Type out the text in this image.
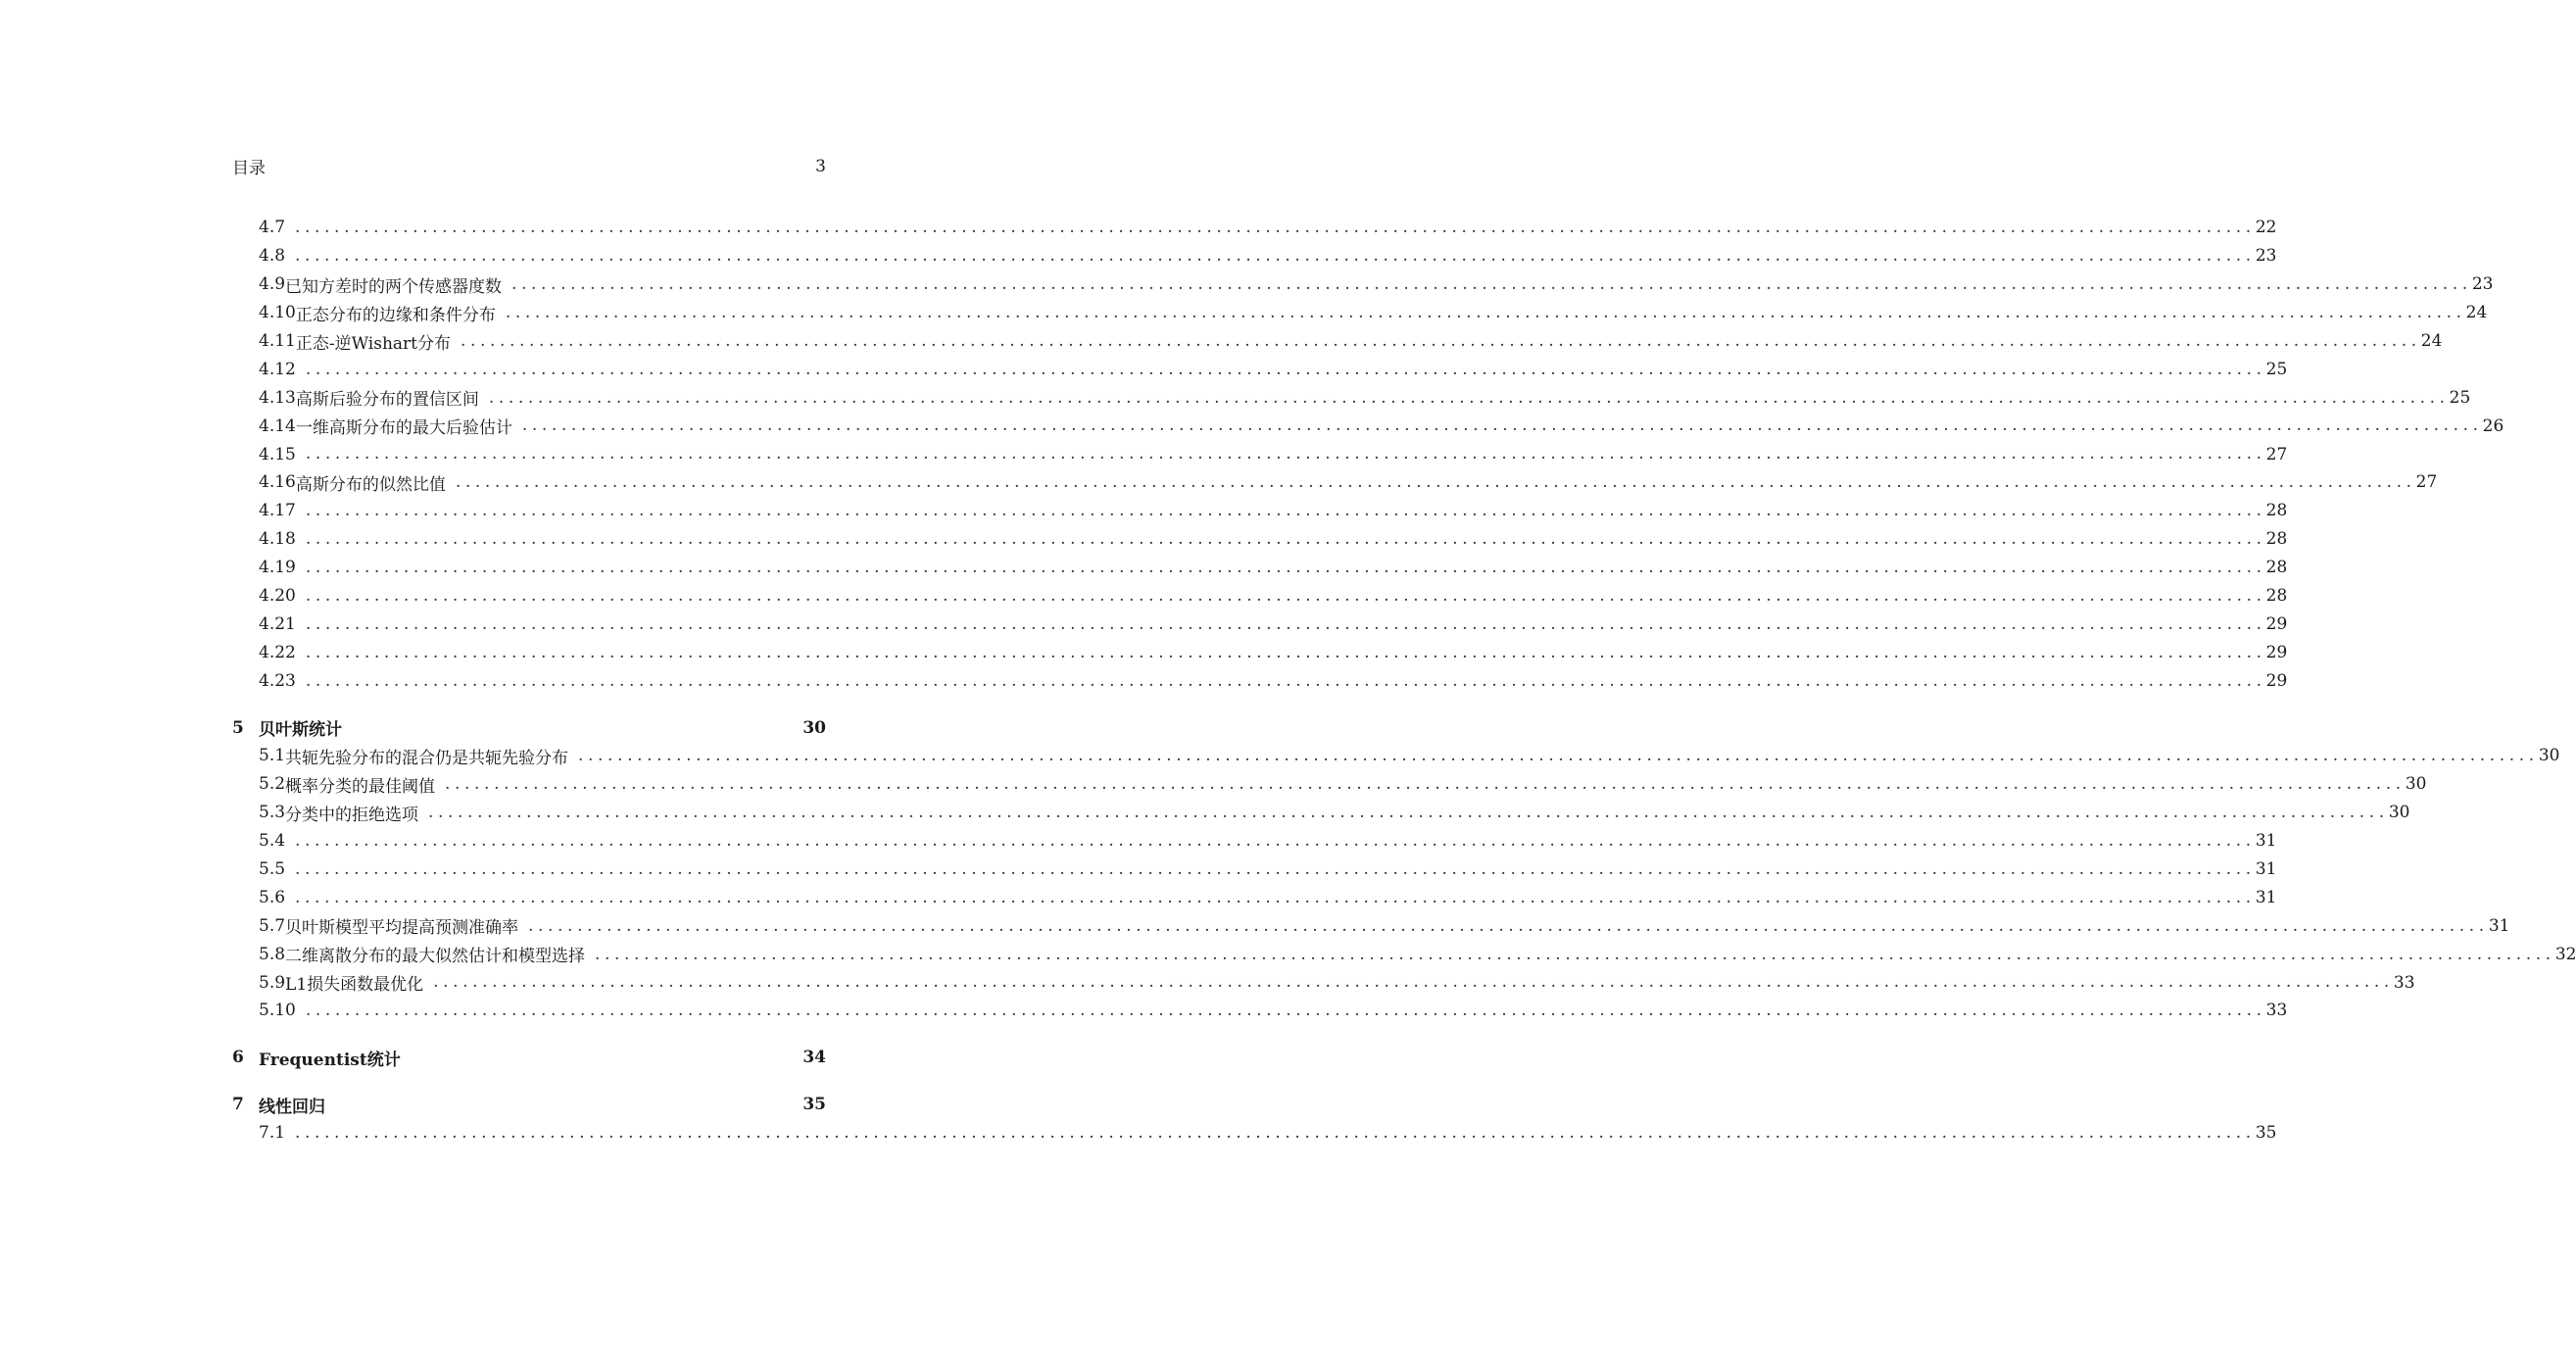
目录	3
4.7 ........................................................................................................................................................................................................ 22
4.8 ........................................................................................................................................................................................................ 23
4.9 已知方差时的两个传感器度数 ........................................................................................................................................................................................................ 23
4.10 正态分布的边缘和条件分布 ........................................................................................................................................................................................................ 24
4.11 正态-逆Wishart分布 ........................................................................................................................................................................................................ 24
4.12 ........................................................................................................................................................................................................ 25
4.13 高斯后验分布的置信区间 ........................................................................................................................................................................................................ 25
4.14 一维高斯分布的最大后验估计 ........................................................................................................................................................................................................ 26
4.15 ........................................................................................................................................................................................................ 27
4.16 高斯分布的似然比值 ........................................................................................................................................................................................................ 27
4.17 ........................................................................................................................................................................................................ 28
4.18 ........................................................................................................................................................................................................ 28
4.19 ........................................................................................................................................................................................................ 28
4.20 ........................................................................................................................................................................................................ 28
4.21 ........................................................................................................................................................................................................ 29
4.22 ........................................................................................................................................................................................................ 29
4.23 ........................................................................................................................................................................................................ 29
5 贝叶斯统计	30
5.1 共轭先验分布的混合仍是共轭先验分布 ........................................................................................................................................................................................................ 30
5.2 概率分类的最佳阈值 ........................................................................................................................................................................................................ 30
5.3 分类中的拒绝选项 ........................................................................................................................................................................................................ 30
5.4 ........................................................................................................................................................................................................ 31
5.5 ........................................................................................................................................................................................................ 31
5.6 ........................................................................................................................................................................................................ 31
5.7 贝叶斯模型平均提高预测准确率 ........................................................................................................................................................................................................ 31
5.8 二维离散分布的最大似然估计和模型选择 ........................................................................................................................................................................................................ 32
5.9 L1损失函数最优化 ........................................................................................................................................................................................................ 33
5.10 ........................................................................................................................................................................................................ 33
6 Frequentist统计	34
7 线性回归	35
7.1 ........................................................................................................................................................................................................ 35
